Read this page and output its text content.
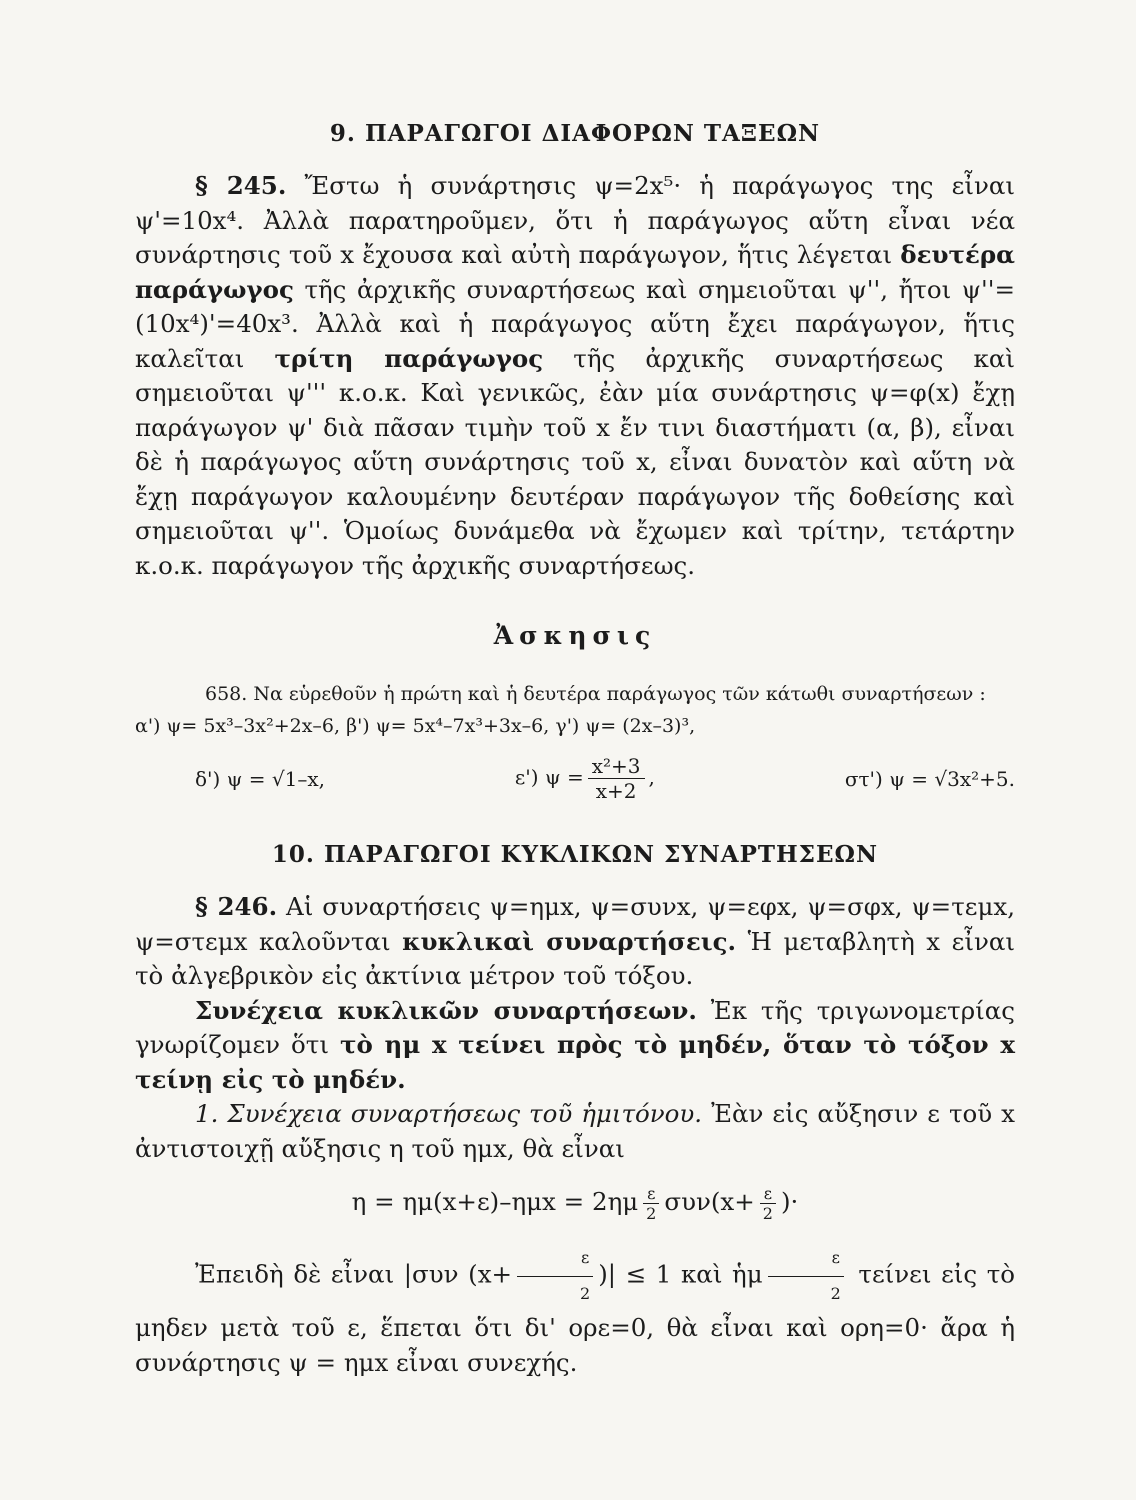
9. ΠΑΡΑΓΩΓΟΙ ΔΙΑΦΟΡΩΝ ΤΑΞΕΩΝ

§ 245. Ἔστω ἡ συνάρτησις ψ=2x⁵· ἡ παράγωγος της εἶναι ψ'=10x⁴. Ἀλλὰ παρατηροῦμεν, ὅτι ἡ παράγωγος αὕτη εἶναι νέα συνάρτησις τοῦ x ἔχουσα καὶ αὐτὴ παράγωγον, ἥτις λέγεται δευτέρα παράγωγος τῆς ἀρχικῆς συναρτήσεως καὶ σημειοῦται ψ'', ἤτοι ψ''=(10x⁴)'=40x³. Ἀλλὰ καὶ ἡ παράγωγος αὕτη ἔχει παράγωγον, ἥτις καλεῖται τρίτη παράγωγος τῆς ἀρχικῆς συναρτήσεως καὶ σημειοῦται ψ''' κ.ο.κ. Καὶ γενικῶς, ἐὰν μία συνάρτησις ψ=φ(x) ἔχῃ παράγωγον ψ' διὰ πᾶσαν τιμὴν τοῦ x ἔν τινι διαστήματι (α, β), εἶναι δὲ ἡ παράγωγος αὕτη συνάρτησις τοῦ x, εἶναι δυνατὸν καὶ αὕτη νὰ ἔχῃ παράγωγον καλουμένην δευτέραν παράγωγον τῆς δοθείσης καὶ σημειοῦται ψ''. Ὁμοίως δυνάμεθα νὰ ἔχωμεν καὶ τρίτην, τετάρτην κ.ο.κ. παράγωγον τῆς ἀρχικῆς συναρτήσεως.

Ἀσκησις

658. Να εὑρεθοῦν ἡ πρώτη καὶ ἡ δευτέρα παράγωγος τῶν κάτωθι συναρτήσεων : α') ψ= 5x³–3x²+2x–6, β') ψ= 5x⁴–7x³+3x–6, γ') ψ= (2x–3)³,

δ') ψ = √1–x,	ε') $\psi = \frac{\text{x²+3}}{x+2}$ ,	στ') ψ = √3x²+5.
10. ΠΑΡΑΓΩΓΟΙ ΚΥΚΛΙΚΩΝ ΣΥΝΑΡΤΗΣΕΩΝ

§ 246. Αἱ συναρτήσεις ψ=ημx, ψ=συνx, ψ=εφx, ψ=σφx, ψ=τεμx, ψ=στεμx καλοῦνται κυκλικαὶ συναρτήσεις. Ἡ μεταβλητὴ x εἶναι τὸ ἀλγεβρικὸν εἰς ἀκτίνια μέτρον τοῦ τόξου.

Συνέχεια κυκλικῶν συναρτήσεων. Ἐκ τῆς τριγωνομετρίας γνωρίζομεν ὅτι τὸ ημ x τείνει πρὸς τὸ μηδέν, ὅταν τὸ τόξον x τείνῃ εἰς τὸ μηδέν.

1. Συνέχεια συναρτήσεως τοῦ ἡμιτόνου. Ἐὰν εἰς αὔξησιν ε τοῦ x ἀντιστοιχῇ αὔξησις η τοῦ ημx, θὰ εἶναι

$\eta = \eta\mu(x+\varepsilon)-\eta\mu x = 2\eta\mu \frac{\varepsilon}{2} \sigma\upsilon\nu(x+ \frac{\varepsilon}{2}$ )·

Ἐπειδὴ δὲ εἶναι |συν ($x+ \frac{\varepsilon}{2}$ )| ≤ 1 καὶ ἡμ $\frac{\varepsilon}{2}$ τείνει εἰς τὸ μηδεν μετὰ τοῦ ε, ἕπεται ὅτι δι' ορε=0, θὰ εἶναι καὶ ορη=0· ἄρα ἡ συνάρτησις ψ = ημx εἶναι συνεχής.
